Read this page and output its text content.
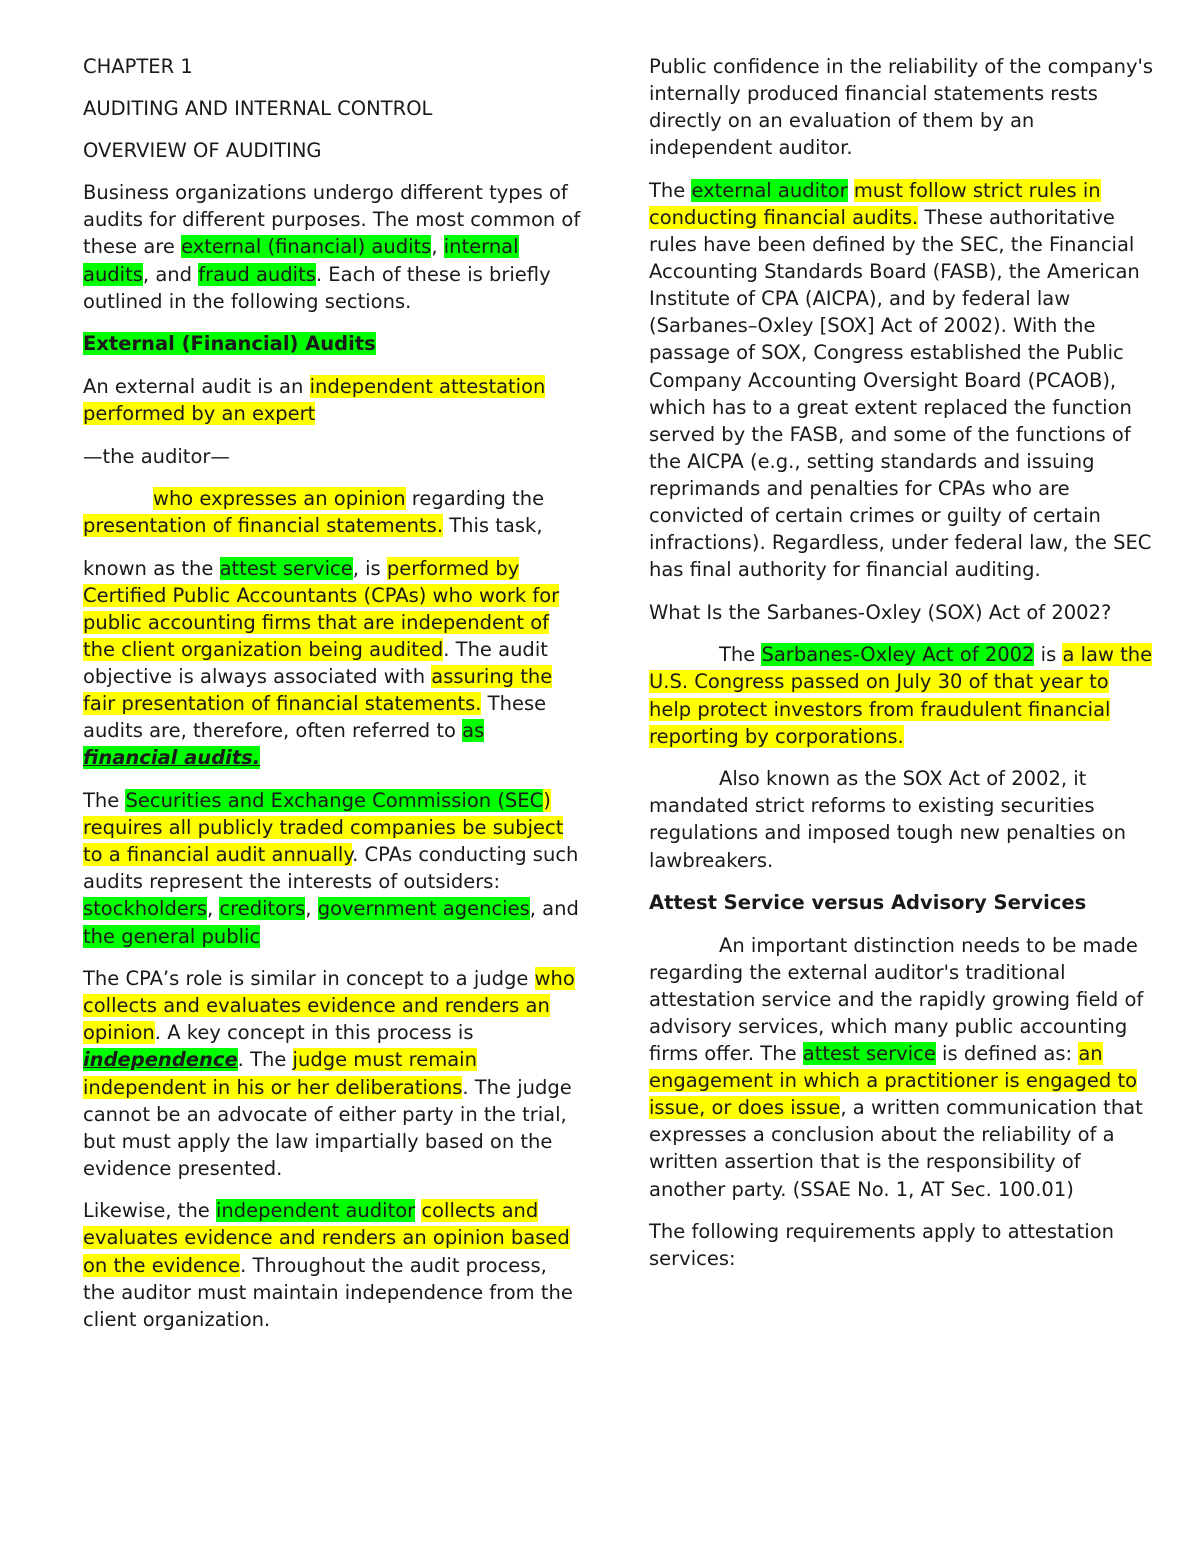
CHAPTER 1

AUDITING AND INTERNAL CONTROL

OVERVIEW OF AUDITING

Business organizations undergo different types of audits for different purposes. The most common of these are external (financial) audits, internal audits, and fraud audits. Each of these is briefly outlined in the following sections.

External (Financial) Audits

An external audit is an independent attestation performed by an expert

—the auditor—

who expresses an opinion regarding the presentation of financial statements. This task,

known as the attest service, is performed by Certified Public Accountants (CPAs) who work for public accounting firms that are independent of the client organization being audited. The audit objective is always associated with assuring the fair presentation of financial statements. These audits are, therefore, often referred to as financial audits.

The Securities and Exchange Commission (SEC) requires all publicly traded companies be subject to a financial audit annually. CPAs conducting such audits represent the interests of outsiders: stockholders, creditors, government agencies, and the general public

The CPA’s role is similar in concept to a judge who collects and evaluates evidence and renders an opinion. A key concept in this process is independence. The judge must remain independent in his or her deliberations. The judge cannot be an advocate of either party in the trial, but must apply the law impartially based on the evidence presented.

Likewise, the independent auditor collects and evaluates evidence and renders an opinion based on the evidence. Throughout the audit process, the auditor must maintain independence from the client organization.

Public confidence in the reliability of the company's internally produced financial statements rests directly on an evaluation of them by an independent auditor.

The external auditor must follow strict rules in conducting financial audits. These authoritative rules have been defined by the SEC, the Financial Accounting Standards Board (FASB), the American Institute of CPA (AICPA), and by federal law (Sarbanes–Oxley [SOX] Act of 2002). With the passage of SOX, Congress established the Public Company Accounting Oversight Board (PCAOB), which has to a great extent replaced the function served by the FASB, and some of the functions of the AICPA (e.g., setting standards and issuing reprimands and penalties for CPAs who are convicted of certain crimes or guilty of certain infractions). Regardless, under federal law, the SEC has final authority for financial auditing.

What Is the Sarbanes-Oxley (SOX) Act of 2002?

The Sarbanes-Oxley Act of 2002 is a law the U.S. Congress passed on July 30 of that year to help protect investors from fraudulent financial reporting by corporations.

Also known as the SOX Act of 2002, it mandated strict reforms to existing securities regulations and imposed tough new penalties on lawbreakers.

Attest Service versus Advisory Services

An important distinction needs to be made regarding the external auditor's traditional attestation service and the rapidly growing field of advisory services, which many public accounting firms offer. The attest service is defined as: an engagement in which a practitioner is engaged to issue, or does issue, a written communication that expresses a conclusion about the reliability of a written assertion that is the responsibility of another party. (SSAE No. 1, AT Sec. 100.01)

The following requirements apply to attestation services:
